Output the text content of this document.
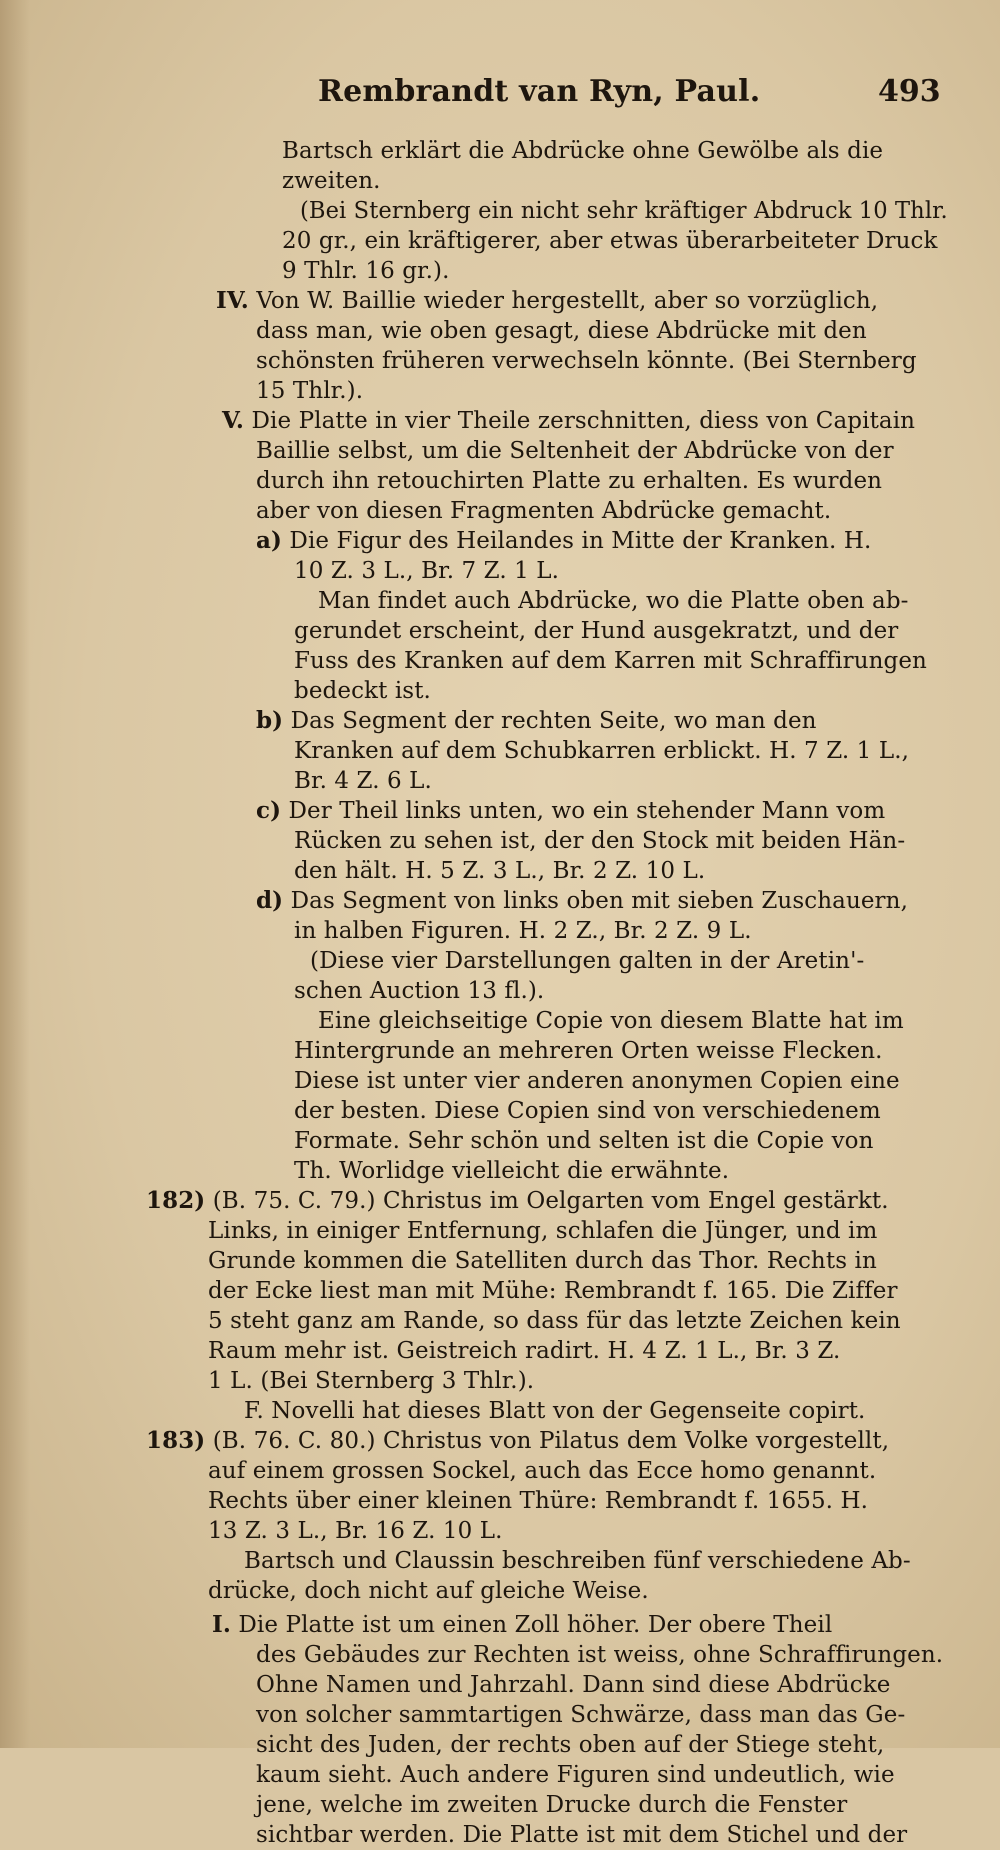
Rembrandt van Ryn, Paul.	493
Bartsch erklärt die Abdrücke ohne Gewölbe als die
zweiten.
(Bei Sternberg ein nicht sehr kräftiger Abdruck 10 Thlr.
20 gr., ein kräftigerer, aber etwas überarbeiteter Druck
9 Thlr. 16 gr.).
IV. Von W. Baillie wieder hergestellt, aber so vorzüglich,
dass man, wie oben gesagt, diese Abdrücke mit den
schönsten früheren verwechseln könnte. (Bei Sternberg
15 Thlr.).
V. Die Platte in vier Theile zerschnitten, diess von Capitain
Baillie selbst, um die Seltenheit der Abdrücke von der
durch ihn retouchirten Platte zu erhalten. Es wurden
aber von diesen Fragmenten Abdrücke gemacht.
a) Die Figur des Heilandes in Mitte der Kranken. H.
10 Z. 3 L., Br. 7 Z. 1 L.
Man findet auch Abdrücke, wo die Platte oben ab-
gerundet erscheint, der Hund ausgekratzt, und der
Fuss des Kranken auf dem Karren mit Schraffirungen
bedeckt ist.
b) Das Segment der rechten Seite, wo man den
Kranken auf dem Schubkarren erblickt. H. 7 Z. 1 L.,
Br. 4 Z. 6 L.
c) Der Theil links unten, wo ein stehender Mann vom
Rücken zu sehen ist, der den Stock mit beiden Hän-
den hält. H. 5 Z. 3 L., Br. 2 Z. 10 L.
d) Das Segment von links oben mit sieben Zuschauern,
in halben Figuren. H. 2 Z., Br. 2 Z. 9 L.
(Diese vier Darstellungen galten in der Aretin'-
schen Auction 13 fl.).
Eine gleichseitige Copie von diesem Blatte hat im
Hintergrunde an mehreren Orten weisse Flecken.
Diese ist unter vier anderen anonymen Copien eine
der besten. Diese Copien sind von verschiedenem
Formate. Sehr schön und selten ist die Copie von
Th. Worlidge vielleicht die erwähnte.
182) (B. 75. C. 79.) Christus im Oelgarten vom Engel gestärkt.
Links, in einiger Entfernung, schlafen die Jünger, und im
Grunde kommen die Satelliten durch das Thor. Rechts in
der Ecke liest man mit Mühe: Rembrandt f. 165. Die Ziffer
5 steht ganz am Rande, so dass für das letzte Zeichen kein
Raum mehr ist. Geistreich radirt. H. 4 Z. 1 L., Br. 3 Z.
1 L. (Bei Sternberg 3 Thlr.).
F. Novelli hat dieses Blatt von der Gegenseite copirt.
183) (B. 76. C. 80.) Christus von Pilatus dem Volke vorgestellt,
auf einem grossen Sockel, auch das Ecce homo genannt.
Rechts über einer kleinen Thüre: Rembrandt f. 1655. H.
13 Z. 3 L., Br. 16 Z. 10 L.
Bartsch und Claussin beschreiben fünf verschiedene Ab-
drücke, doch nicht auf gleiche Weise.
I. Die Platte ist um einen Zoll höher. Der obere Theil
des Gebäudes zur Rechten ist weiss, ohne Schraffirungen.
Ohne Namen und Jahrzahl. Dann sind diese Abdrücke
von solcher sammtartigen Schwärze, dass man das Ge-
sicht des Juden, der rechts oben auf der Stiege steht,
kaum sieht. Auch andere Figuren sind undeutlich, wie
jene, welche im zweiten Drucke durch die Fenster
sichtbar werden. Die Platte ist mit dem Stichel und der
